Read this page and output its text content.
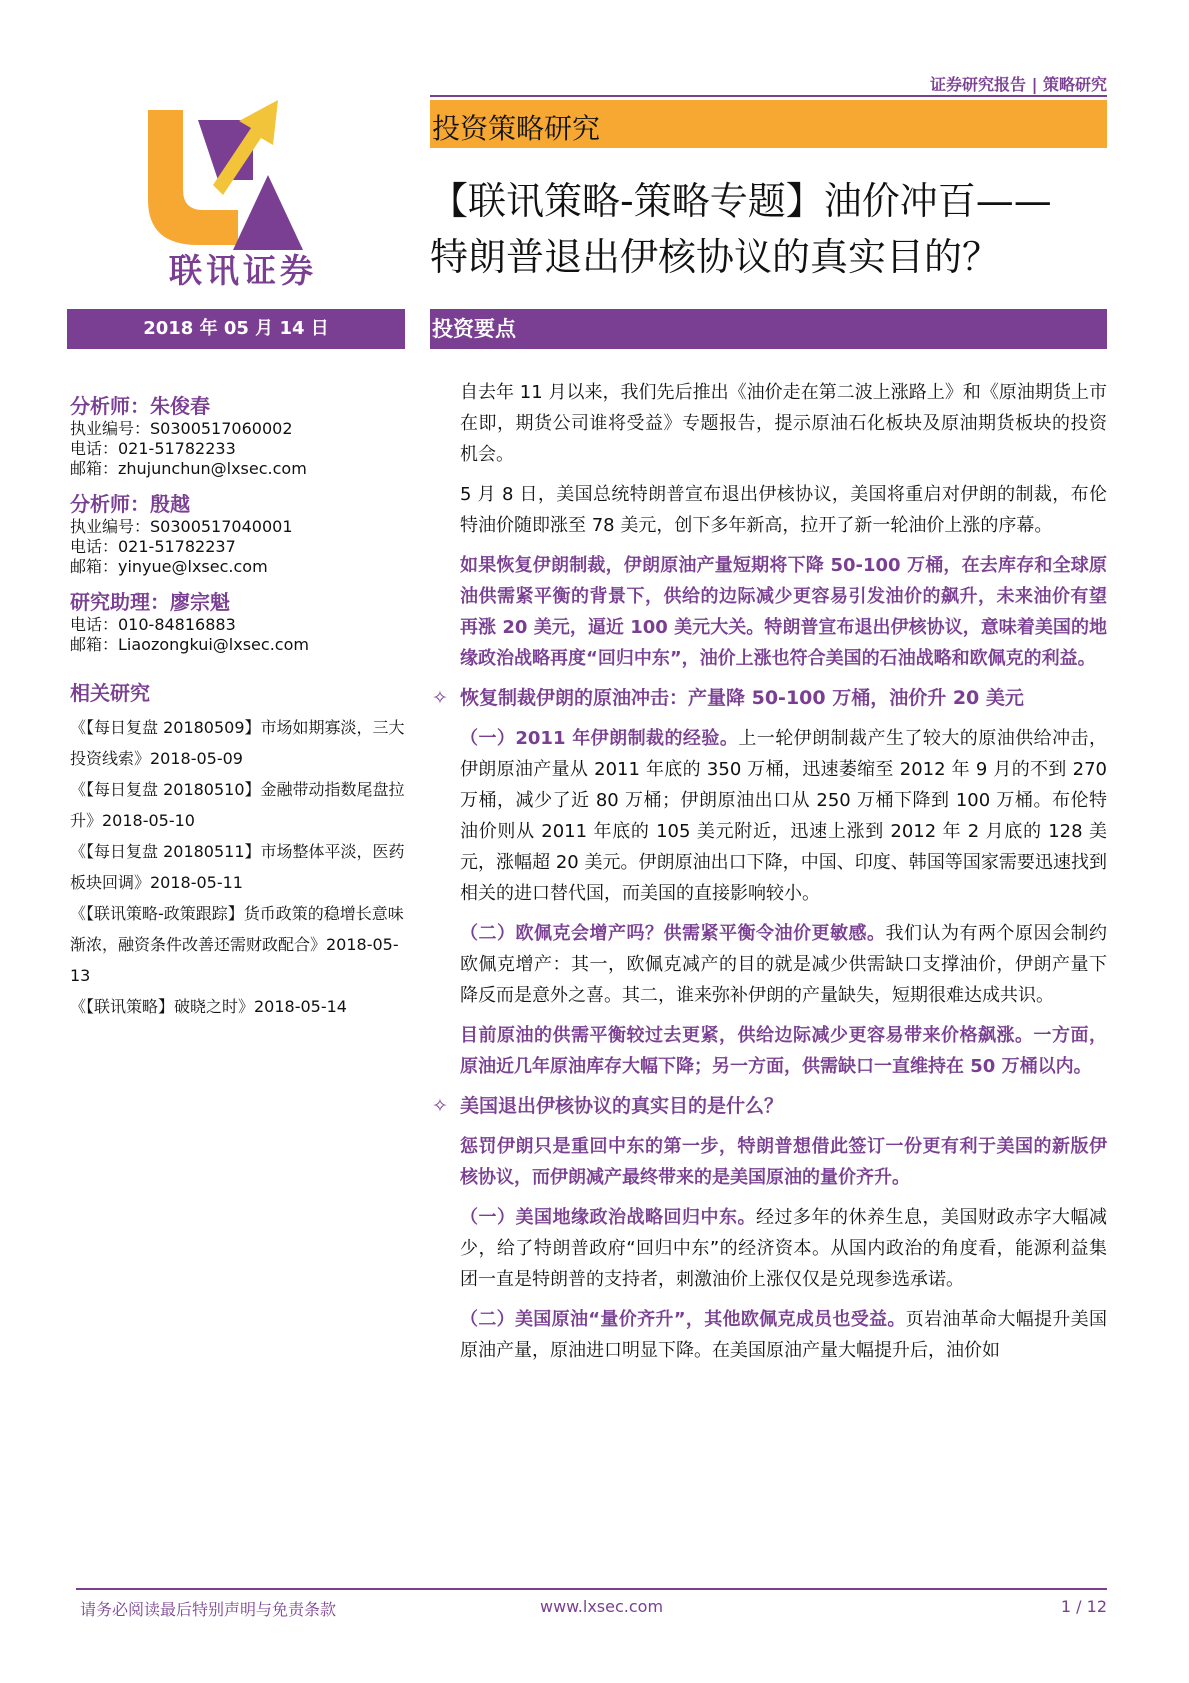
证券研究报告 | 策略研究
投资策略研究
【联讯策略-策略专题】油价冲百——
特朗普退出伊核协议的真实目的？
联讯证券
2018 年 05 月 14 日	投资要点
分析师：朱俊春
执业编号：S0300517060002
电话：021-51782233
邮箱：zhujunchun@lxsec.com
分析师：殷越
执业编号：S0300517040001
电话：021-51782237
邮箱：yinyue@lxsec.com
研究助理：廖宗魁
电话：010-84816883
邮箱：Liaozongkui@lxsec.com
相关研究
《【每日复盘 20180509】市场如期寡淡，三大投资线索》2018-05-09
《【每日复盘 20180510】金融带动指数尾盘拉升》2018-05-10
《【每日复盘 20180511】市场整体平淡，医药板块回调》2018-05-11
《【联讯策略-政策跟踪】货币政策的稳增长意味渐浓，融资条件改善还需财政配合》2018-05-13
《【联讯策略】破晓之时》2018-05-14

自去年 11 月以来，我们先后推出《油价走在第二波上涨路上》和《原油期货上市在即，期货公司谁将受益》专题报告，提示原油石化板块及原油期货板块的投资机会。

5 月 8 日，美国总统特朗普宣布退出伊核协议，美国将重启对伊朗的制裁，布伦特油价随即涨至 78 美元，创下多年新高，拉开了新一轮油价上涨的序幕。

如果恢复伊朗制裁，伊朗原油产量短期将下降 50-100 万桶，在去库存和全球原油供需紧平衡的背景下，供给的边际减少更容易引发油价的飙升，未来油价有望再涨 20 美元，逼近 100 美元大关。特朗普宣布退出伊核协议，意味着美国的地缘政治战略再度“回归中东”，油价上涨也符合美国的石油战略和欧佩克的利益。

✧ 恢复制裁伊朗的原油冲击：产量降 50-100 万桶，油价升 20 美元

（一）2011 年伊朗制裁的经验。上一轮伊朗制裁产生了较大的原油供给冲击，伊朗原油产量从 2011 年底的 350 万桶，迅速萎缩至 2012 年 9 月的不到 270 万桶，减少了近 80 万桶；伊朗原油出口从 250 万桶下降到 100 万桶。布伦特油价则从 2011 年底的 105 美元附近，迅速上涨到 2012 年 2 月底的 128 美元，涨幅超 20 美元。伊朗原油出口下降，中国、印度、韩国等国家需要迅速找到相关的进口替代国，而美国的直接影响较小。

（二）欧佩克会增产吗？供需紧平衡令油价更敏感。我们认为有两个原因会制约欧佩克增产：其一，欧佩克减产的目的就是减少供需缺口支撑油价，伊朗产量下降反而是意外之喜。其二，谁来弥补伊朗的产量缺失，短期很难达成共识。

目前原油的供需平衡较过去更紧，供给边际减少更容易带来价格飙涨。一方面，原油近几年原油库存大幅下降；另一方面，供需缺口一直维持在 50 万桶以内。

✧ 美国退出伊核协议的真实目的是什么？

惩罚伊朗只是重回中东的第一步，特朗普想借此签订一份更有利于美国的新版伊核协议，而伊朗减产最终带来的是美国原油的量价齐升。

（一）美国地缘政治战略回归中东。经过多年的休养生息，美国财政赤字大幅减少，给了特朗普政府“回归中东”的经济资本。从国内政治的角度看，能源利益集团一直是特朗普的支持者，刺激油价上涨仅仅是兑现参选承诺。

（二）美国原油“量价齐升”，其他欧佩克成员也受益。页岩油革命大幅提升美国原油产量，原油进口明显下降。在美国原油产量大幅提升后，油价如

请务必阅读最后特别声明与免责条款	www.lxsec.com	1 / 12
